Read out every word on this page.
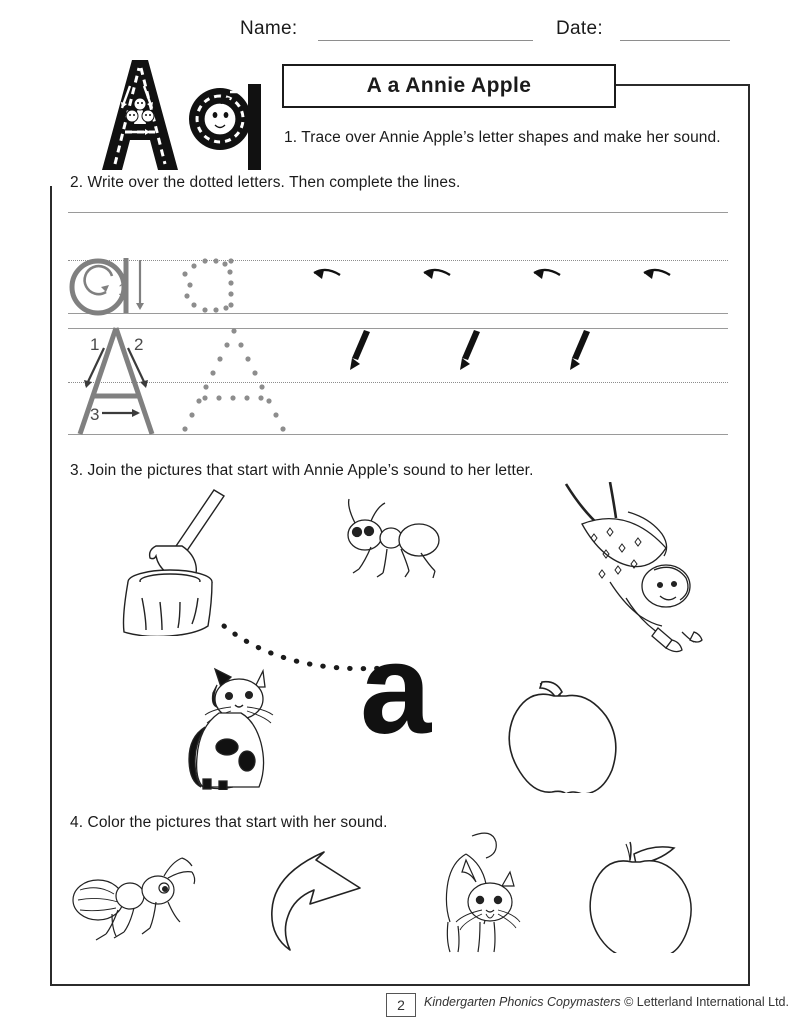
Name:	Date:
A a Annie Apple
1. Trace over Annie Apple’s letter shapes and make her sound.
2. Write over the dotted letters. Then complete the lines.
3. Join the pictures that start with Annie Apple’s sound to her letter.
4. Color the pictures that start with her sound.
1
1 2
3
a
2	Kindergarten Phonics Copymasters © Letterland International Ltd.
